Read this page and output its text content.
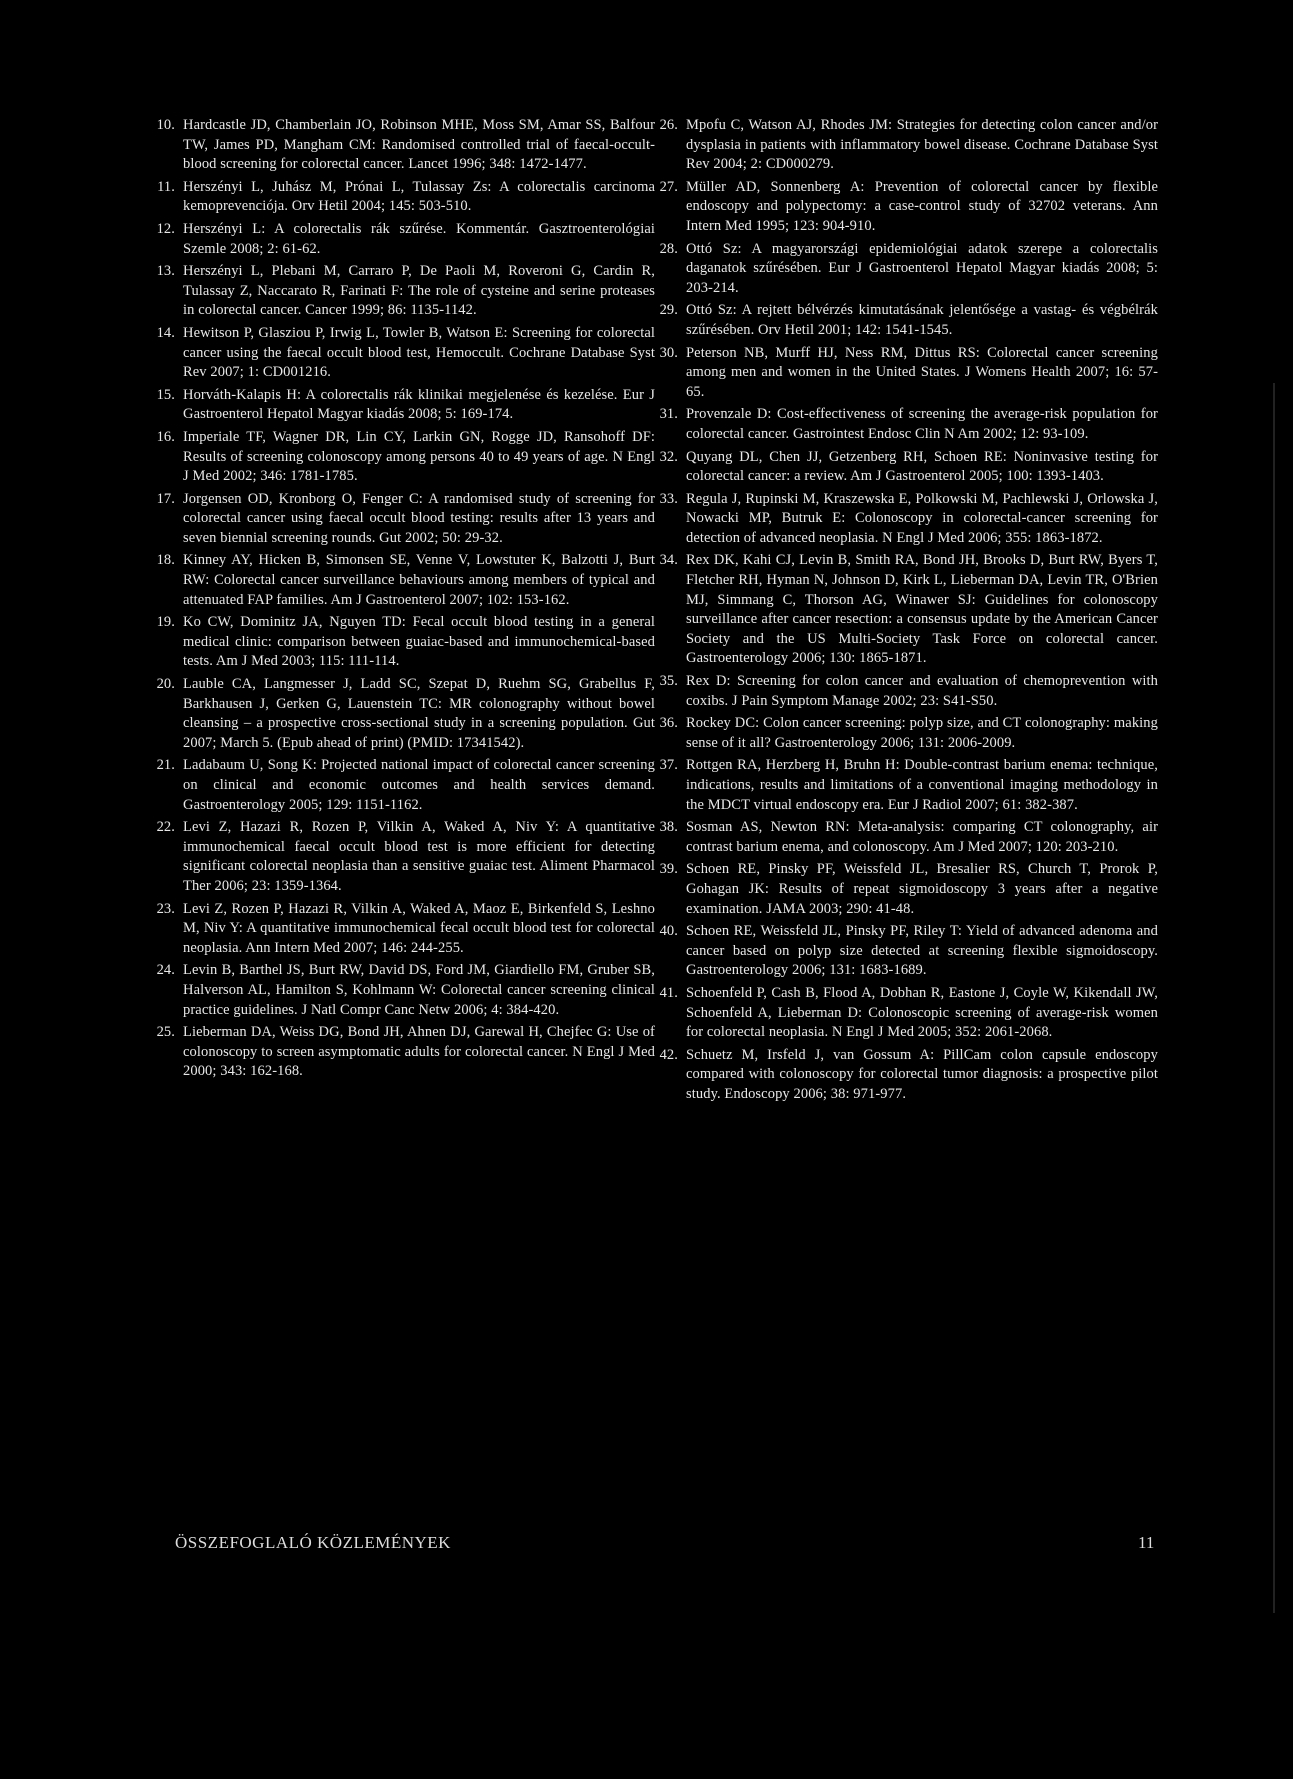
10. Hardcastle JD, Chamberlain JO, Robinson MHE, Moss SM, Amar SS, Balfour TW, James PD, Mangham CM: Randomised controlled trial of faecal-occult-blood screening for colorectal cancer. Lancet 1996; 348: 1472-1477.
11. Herszényi L, Juhász M, Prónai L, Tulassay Zs: A colorectalis carcinoma kemoprevenciója. Orv Hetil 2004; 145: 503-510.
12. Herszényi L: A colorectalis rák szűrése. Kommentár. Gasztroenterológiai Szemle 2008; 2: 61-62.
13. Herszényi L, Plebani M, Carraro P, De Paoli M, Roveroni G, Cardin R, Tulassay Z, Naccarato R, Farinati F: The role of cysteine and serine proteases in colorectal cancer. Cancer 1999; 86: 1135-1142.
14. Hewitson P, Glasziou P, Irwig L, Towler B, Watson E: Screening for colorectal cancer using the faecal occult blood test, Hemoccult. Cochrane Database Syst Rev 2007; 1: CD001216.
15. Horváth-Kalapis H: A colorectalis rák klinikai megjelenése és kezelése. Eur J Gastroenterol Hepatol Magyar kiadás 2008; 5: 169-174.
16. Imperiale TF, Wagner DR, Lin CY, Larkin GN, Rogge JD, Ransohoff DF: Results of screening colonoscopy among persons 40 to 49 years of age. N Engl J Med 2002; 346: 1781-1785.
17. Jorgensen OD, Kronborg O, Fenger C: A randomised study of screening for colorectal cancer using faecal occult blood testing: results after 13 years and seven biennial screening rounds. Gut 2002; 50: 29-32.
18. Kinney AY, Hicken B, Simonsen SE, Venne V, Lowstuter K, Balzotti J, Burt RW: Colorectal cancer surveillance behaviours among members of typical and attenuated FAP families. Am J Gastroenterol 2007; 102: 153-162.
19. Ko CW, Dominitz JA, Nguyen TD: Fecal occult blood testing in a general medical clinic: comparison between guaiac-based and immunochemical-based tests. Am J Med 2003; 115: 111-114.
20. Lauble CA, Langmesser J, Ladd SC, Szepat D, Ruehm SG, Grabellus F, Barkhausen J, Gerken G, Lauenstein TC: MR colonography without bowel cleansing – a prospective cross-sectional study in a screening population. Gut 2007; March 5. (Epub ahead of print) (PMID: 17341542).
21. Ladabaum U, Song K: Projected national impact of colorectal cancer screening on clinical and economic outcomes and health services demand. Gastroenterology 2005; 129: 1151-1162.
22. Levi Z, Hazazi R, Rozen P, Vilkin A, Waked A, Niv Y: A quantitative immunochemical faecal occult blood test is more efficient for detecting significant colorectal neoplasia than a sensitive guaiac test. Aliment Pharmacol Ther 2006; 23: 1359-1364.
23. Levi Z, Rozen P, Hazazi R, Vilkin A, Waked A, Maoz E, Birkenfeld S, Leshno M, Niv Y: A quantitative immunochemical fecal occult blood test for colorectal neoplasia. Ann Intern Med 2007; 146: 244-255.
24. Levin B, Barthel JS, Burt RW, David DS, Ford JM, Giardiello FM, Gruber SB, Halverson AL, Hamilton S, Kohlmann W: Colorectal cancer screening clinical practice guidelines. J Natl Compr Canc Netw 2006; 4: 384-420.
25. Lieberman DA, Weiss DG, Bond JH, Ahnen DJ, Garewal H, Chejfec G: Use of colonoscopy to screen asymptomatic adults for colorectal cancer. N Engl J Med 2000; 343: 162-168.
26. Mpofu C, Watson AJ, Rhodes JM: Strategies for detecting colon cancer and/or dysplasia in patients with inflammatory bowel disease. Cochrane Database Syst Rev 2004; 2: CD000279.
27. Müller AD, Sonnenberg A: Prevention of colorectal cancer by flexible endoscopy and polypectomy: a case-control study of 32702 veterans. Ann Intern Med 1995; 123: 904-910.
28. Ottó Sz: A magyarországi epidemiológiai adatok szerepe a colorectalis daganatok szűrésében. Eur J Gastroenterol Hepatol Magyar kiadás 2008; 5: 203-214.
29. Ottó Sz: A rejtett bélvérzés kimutatásának jelentősége a vastag- és végbélrák szűrésében. Orv Hetil 2001; 142: 1541-1545.
30. Peterson NB, Murff HJ, Ness RM, Dittus RS: Colorectal cancer screening among men and women in the United States. J Womens Health 2007; 16: 57-65.
31. Provenzale D: Cost-effectiveness of screening the average-risk population for colorectal cancer. Gastrointest Endosc Clin N Am 2002; 12: 93-109.
32. Quyang DL, Chen JJ, Getzenberg RH, Schoen RE: Noninvasive testing for colorectal cancer: a review. Am J Gastroenterol 2005; 100: 1393-1403.
33. Regula J, Rupinski M, Kraszewska E, Polkowski M, Pachlewski J, Orlowska J, Nowacki MP, Butruk E: Colonoscopy in colorectal-cancer screening for detection of advanced neoplasia. N Engl J Med 2006; 355: 1863-1872.
34. Rex DK, Kahi CJ, Levin B, Smith RA, Bond JH, Brooks D, Burt RW, Byers T, Fletcher RH, Hyman N, Johnson D, Kirk L, Lieberman DA, Levin TR, O'Brien MJ, Simmang C, Thorson AG, Winawer SJ: Guidelines for colonoscopy surveillance after cancer resection: a consensus update by the American Cancer Society and the US Multi-Society Task Force on colorectal cancer. Gastroenterology 2006; 130: 1865-1871.
35. Rex D: Screening for colon cancer and evaluation of chemoprevention with coxibs. J Pain Symptom Manage 2002; 23: S41-S50.
36. Rockey DC: Colon cancer screening: polyp size, and CT colonography: making sense of it all? Gastroenterology 2006; 131: 2006-2009.
37. Rottgen RA, Herzberg H, Bruhn H: Double-contrast barium enema: technique, indications, results and limitations of a conventional imaging methodology in the MDCT virtual endoscopy era. Eur J Radiol 2007; 61: 382-387.
38. Sosman AS, Newton RN: Meta-analysis: comparing CT colonography, air contrast barium enema, and colonoscopy. Am J Med 2007; 120: 203-210.
39. Schoen RE, Pinsky PF, Weissfeld JL, Bresalier RS, Church T, Prorok P, Gohagan JK: Results of repeat sigmoidoscopy 3 years after a negative examination. JAMA 2003; 290: 41-48.
40. Schoen RE, Weissfeld JL, Pinsky PF, Riley T: Yield of advanced adenoma and cancer based on polyp size detected at screening flexible sigmoidoscopy. Gastroenterology 2006; 131: 1683-1689.
41. Schoenfeld P, Cash B, Flood A, Dobhan R, Eastone J, Coyle W, Kikendall JW, Schoenfeld A, Lieberman D: Colonoscopic screening of average-risk women for colorectal neoplasia. N Engl J Med 2005; 352: 2061-2068.
42. Schuetz M, Irsfeld J, van Gossum A: PillCam colon capsule endoscopy compared with colonoscopy for colorectal tumor diagnosis: a prospective pilot study. Endoscopy 2006; 38: 971-977.
ÖSSZEFOGLALÓ KÖZLEMÉNYEK	11
